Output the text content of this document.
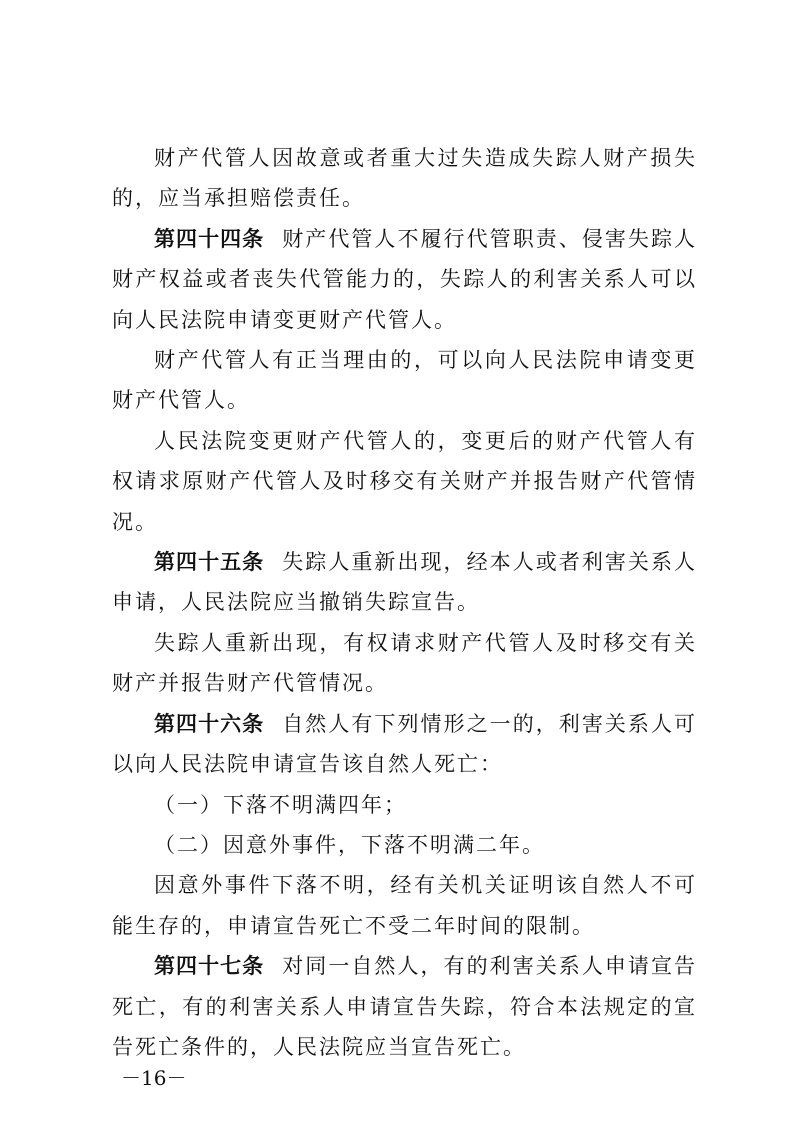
财产代管人因故意或者重大过失造成失踪人财产损失的，应当承担赔偿责任。

第四十四条 财产代管人不履行代管职责、侵害失踪人财产权益或者丧失代管能力的，失踪人的利害关系人可以向人民法院申请变更财产代管人。

财产代管人有正当理由的，可以向人民法院申请变更财产代管人。

人民法院变更财产代管人的，变更后的财产代管人有权请求原财产代管人及时移交有关财产并报告财产代管情况。

第四十五条 失踪人重新出现，经本人或者利害关系人申请，人民法院应当撤销失踪宣告。

失踪人重新出现，有权请求财产代管人及时移交有关财产并报告财产代管情况。

第四十六条 自然人有下列情形之一的，利害关系人可以向人民法院申请宣告该自然人死亡：

（一）下落不明满四年；

（二）因意外事件，下落不明满二年。

因意外事件下落不明，经有关机关证明该自然人不可能生存的，申请宣告死亡不受二年时间的限制。

第四十七条 对同一自然人，有的利害关系人申请宣告死亡，有的利害关系人申请宣告失踪，符合本法规定的宣告死亡条件的，人民法院应当宣告死亡。

－16－
